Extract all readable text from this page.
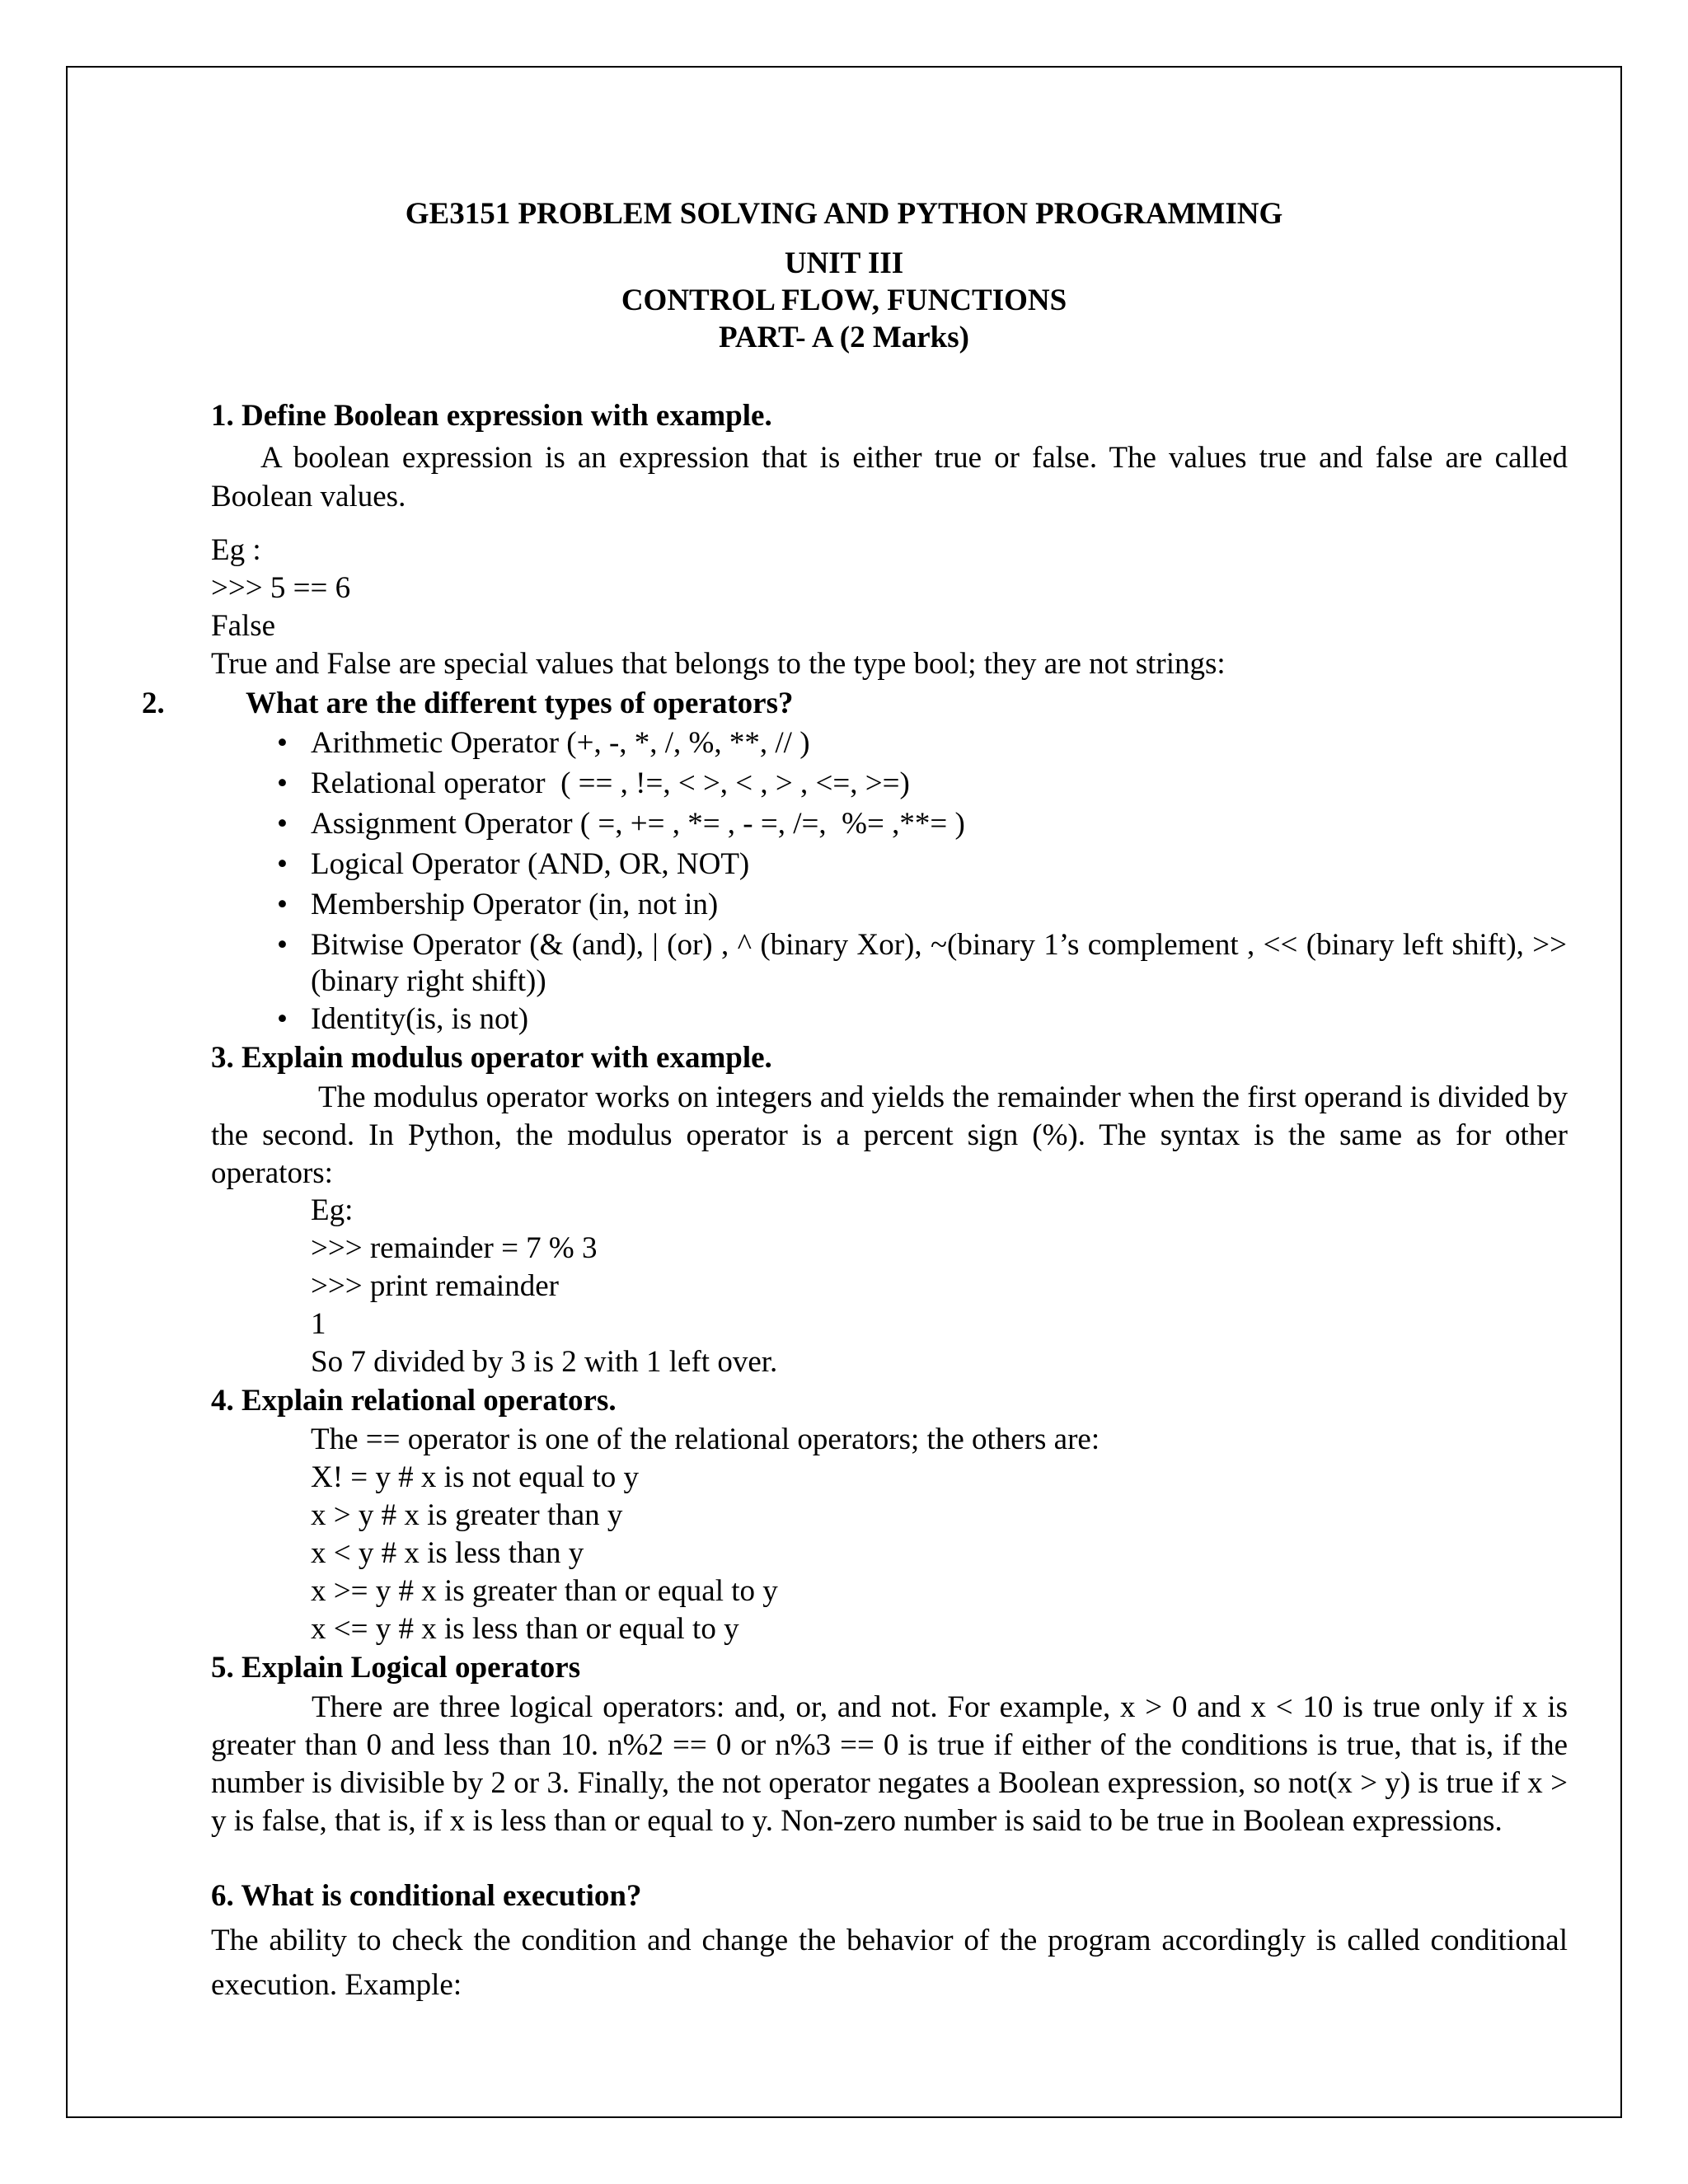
GE3151 PROBLEM SOLVING AND PYTHON PROGRAMMING
UNIT III
CONTROL FLOW, FUNCTIONS
PART- A (2 Marks)
1. Define Boolean expression with example.
A boolean expression is an expression that is either true or false. The values true and false are called Boolean values.
Eg :
>>> 5 == 6
False
True and False are special values that belongs to the type bool; they are not strings:
2.	What are the different types of operators?
• Arithmetic Operator (+, -, *, /, %, **, // )
• Relational operator  ( == , !=, < >, < , > , <=, >=)
• Assignment Operator ( =, += , *= , - =, /=,  %= ,**= )
• Logical Operator (AND, OR, NOT)
• Membership Operator (in, not in)
• Bitwise Operator (& (and), | (or) , ^ (binary Xor), ~(binary 1’s complement , << (binary left shift), >> (binary right shift))
• Identity(is, is not)
3. Explain modulus operator with example.
The modulus operator works on integers and yields the remainder when the first operand is divided by the second. In Python, the modulus operator is a percent sign (%). The syntax is the same as for other operators:
Eg:
>>> remainder = 7 % 3
>>> print remainder
1
So 7 divided by 3 is 2 with 1 left over.
4. Explain relational operators.
The == operator is one of the relational operators; the others are:
X! = y # x is not equal to y
x > y # x is greater than y
x < y # x is less than y
x >= y # x is greater than or equal to y
x <= y # x is less than or equal to y
5. Explain Logical operators
There are three logical operators: and, or, and not. For example, x > 0 and x < 10 is true only if x is greater than 0 and less than 10. n%2 == 0 or n%3 == 0 is true if either of the conditions is true, that is, if the number is divisible by 2 or 3. Finally, the not operator negates a Boolean expression, so not(x > y) is true if x > y is false, that is, if x is less than or equal to y. Non-zero number is said to be true in Boolean expressions.
6. What is conditional execution?
The ability to check the condition and change the behavior of the program accordingly is called conditional execution. Example:
